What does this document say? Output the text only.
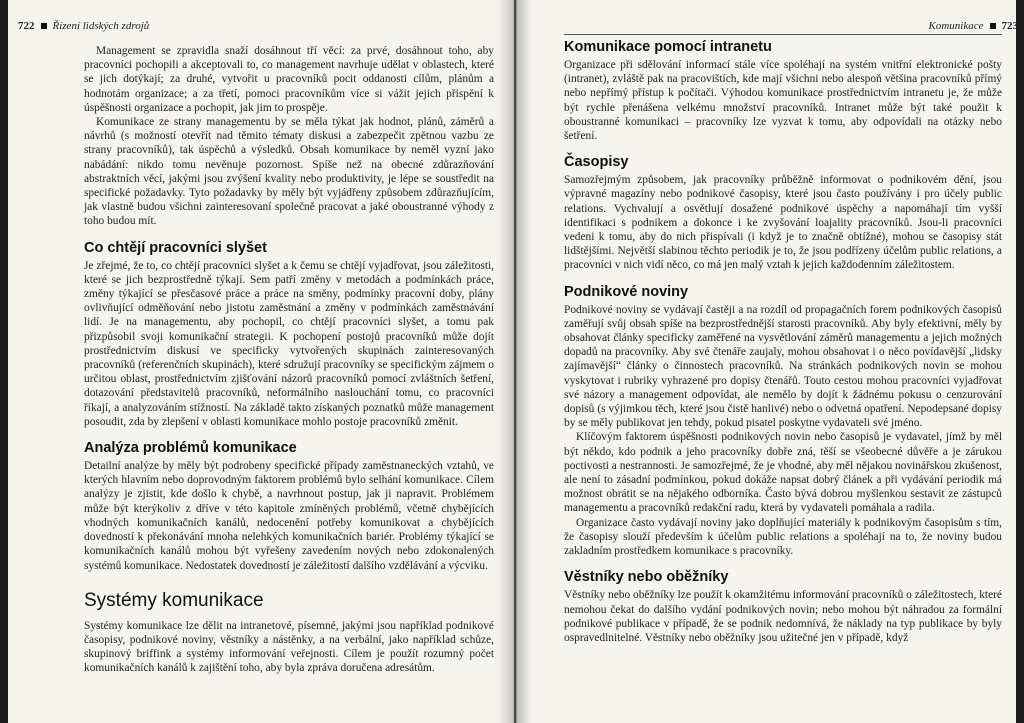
722 Řízení lidských zdrojů

Management se zpravidla snaží dosáhnout tří věcí: za prvé, dosáhnout toho, aby pracovníci pochopili a akceptovali to, co management navrhuje udělat v oblastech, které se jich dotýkají; za druhé, vytvořit u pracovníků pocit oddanosti cílům, plánům a hodnotám organizace; a za třetí, pomoci pracovníkům více si vážit jejich přispění k úspěšnosti organizace a pochopit, jak jim to prospěje.

Komunikace ze strany managementu by se měla týkat jak hodnot, plánů, záměrů a návrhů (s možností otevřít nad těmito tématy diskusi a zabezpečit zpětnou vazbu ze strany pracovníků), tak úspěchů a výsledků. Obsah komunikace by neměl vyzní jako nabádání: nikdo tomu nevěnuje pozornost. Spíše než na obecné zdůrazňování abstraktních věcí, jakými jsou zvýšení kvality nebo produktivity, je lépe se soustředit na specifické požadavky. Tyto požadavky by měly být vyjádřeny způsobem zdůrazňujícím, jak vlastně budou všichni zainteresovaní společně pracovat a jaké oboustranné výhody z toho budou mít.

Co chtějí pracovníci slyšet

Je zřejmé, že to, co chtějí pracovníci slyšet a k čemu se chtějí vyjadřovat, jsou záležitosti, které se jich bezprostředně týkají. Sem patří změny v metodách a podmínkách práce, změny týkající se přesčasové práce a práce na směny, podmínky pracovní doby, plány ovlivňující odměňování nebo jistotu zaměstnání a změny v podmínkách zaměstnávání lidí. Je na managementu, aby pochopil, co chtějí pracovníci slyšet, a tomu pak přizpůsobil svoji komunikační strategii. K pochopení postojů pracovníků může dojít prostřednictvím diskusí ve specificky vytvořených skupinách zainteresovaných pracovníků (referenčních skupinách), které sdružují pracovníky se specifickým zájmem o určitou oblast, prostřednictvím zjišťování názorů pracovníků pomocí zvláštních šetření, dotazování představitelů pracovníků, neformálního naslouchání tomu, co pracovníci říkají, a analyzováním stížností. Na základě takto získaných poznatků může management posoudit, zda by zlepšení v oblasti komunikace mohlo postoje pracovníků změnit.

Analýza problémů komunikace

Detailní analýze by měly být podrobeny specifické případy zaměstnaneckých vztahů, ve kterých hlavním nebo doprovodným faktorem problémů bylo selhání komunikace. Cílem analýzy je zjistit, kde došlo k chybě, a navrhnout postup, jak ji napravit. Problémem může být kterýkoliv z dříve v této kapitole zmíněných problémů, včetně chybějících vhodných komunikačních kanálů, nedocenění potřeby komunikovat a chybějících dovedností k překonávání mnoha nelehkých komunikačních bariér. Problémy týkající se komunikačních kanálů mohou být vyřešeny zavedením nových nebo zdokonalených systémů komunikace. Nedostatek dovedností je záležitostí dalšího vzdělávání a výcviku.

Systémy komunikace

Systémy komunikace lze dělit na intranetové, písemné, jakými jsou například podnikové časopisy, podnikové noviny, věstníky a nástěnky, a na verbální, jako například schůze, skupinový briffink a systémy informování veřejnosti. Cílem je použít rozumný počet komunikačních kanálů k zajištění toho, aby byla zpráva doručena adresátům.

Komunikace 723
Komunikace pomocí intranetu

Organizace při sdělování informací stále více spoléhají na systém vnitřní elektronické pošty (intranet), zvláště pak na pracovištích, kde mají všichni nebo alespoň většina pracovníků přímý nebo nepřímý přístup k počítači. Výhodou komunikace prostřednictvím intranetu je, že může být rychle přenášena velkému množství pracovníků. Intranet může být také použit k oboustranné komunikaci – pracovníky lze vyzvat k tomu, aby odpovídali na otázky nebo šetření.

Časopisy

Samozřejmým způsobem, jak pracovníky průběžně informovat o podnikovém dění, jsou výpravné magazíny nebo podnikové časopisy, které jsou často používány i pro účely public relations. Vychvalují a osvětlují dosažené podnikové úspěchy a napomáhají tím vyšší identifikaci s podnikem a dokonce i ke zvyšování loajality pracovníků. Jsou-li pracovníci vedeni k tomu, aby do nich přispívali (i když je to značně obtížné), mohou se časopisy stát lidštějšími. Největší slabinou těchto periodik je to, že jsou podřízeny účelům public relations, a pracovníci v nich vidí něco, co má jen malý vztah k jejich každodenním záležitostem.

Podnikové noviny

Podnikové noviny se vydávají častěji a na rozdíl od propagačních forem podnikových časopisů zaměřují svůj obsah spíše na bezprostřednější starosti pracovníků. Aby byly efektivní, měly by obsahovat články specificky zaměřené na vysvětlování záměrů managementu a jejich možných dopadů na pracovníky. Aby své čtenáře zaujaly, mohou obsahovat i o něco povídavější „lidsky zajímavější“ články o činnostech pracovníků. Na stránkách podnikových novin se mohou vyskytovat i rubriky vyhrazené pro dopisy čtenářů. Touto cestou mohou pracovníci vyjadřovat své názory a management odpovídat, ale nemělo by dojít k žádnému pokusu o cenzurování dopisů (s výjimkou těch, které jsou čistě hanlivé) nebo o odvetná opatření. Nepodepsané dopisy by se měly publikovat jen tehdy, pokud pisatel poskytne vydavateli své jméno.

Klíčovým faktorem úspěšnosti podnikových novin nebo časopisů je vydavatel, jímž by měl být někdo, kdo podnik a jeho pracovníky dobře zná, těší se všeobecné důvěře a je zárukou poctivosti a nestrannosti. Je samozřejmé, že je vhodné, aby měl nějakou novinářskou zkušenost, ale není to zásadní podmínkou, pokud dokáže napsat dobrý článek a při vydávání periodik má možnost obrátit se na nějakého odborníka. Často bývá dobrou myšlenkou sestavit ze zástupců managementu a pracovníků redakční radu, která by vydavateli pomáhala a radila.

Organizace často vydávají noviny jako doplňující materiály k podnikovým časopisům s tím, že časopisy slouží především k účelům public relations a spoléhají na to, že noviny budou zakladním prostředkem komunikace s pracovníky.

Věstníky nebo oběžníky

Věstníky nebo oběžníky lze použít k okamžitému informování pracovníků o záležitostech, které nemohou čekat do dalšího vydání podnikových novin; nebo mohou být náhradou za formální podnikové publikace v případě, že se podnik nedomnívá, že náklady na typ publikace by byly ospravedlnitelné. Věstníky nebo oběžníky jsou užitečné jen v případě, když
